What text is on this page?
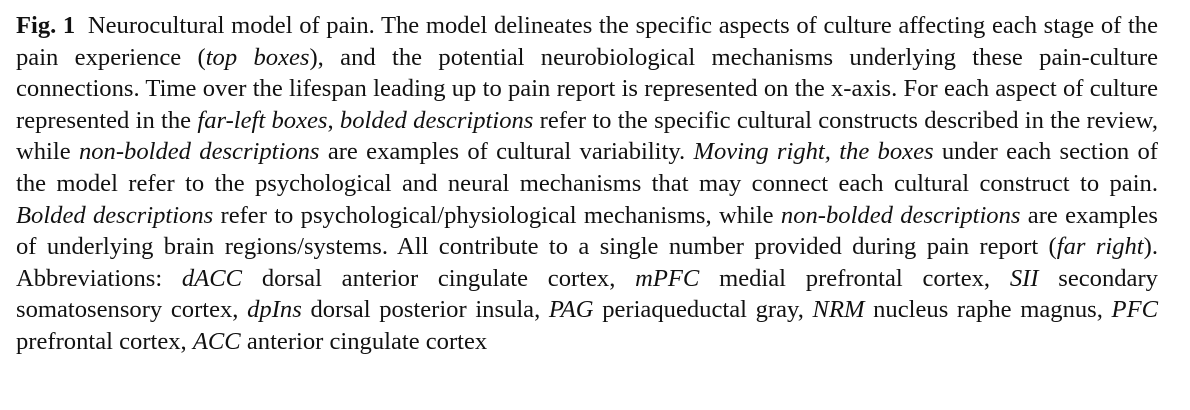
Fig. 1 Neurocultural model of pain. The model delineates the specific aspects of culture affecting each stage of the pain experience (top boxes), and the potential neurobiological mechanisms underlying these pain-culture connections. Time over the lifespan leading up to pain report is represented on the x-axis. For each aspect of culture represented in the far-left boxes, bolded descriptions refer to the specific cultural constructs described in the review, while non-bolded descriptions are examples of cultural variability. Moving right, the boxes under each section of the model refer to the psychological and neural mechanisms that may connect each cultural construct to pain. Bolded descriptions refer to psychological/physiological mechanisms, while non-bolded descriptions are examples of underlying brain regions/systems. All contribute to a single number provided during pain report (far right). Abbreviations: dACC dorsal anterior cingulate cortex, mPFC medial prefrontal cortex, SII secondary somatosensory cortex, dpIns dorsal posterior insula, PAG periaqueductal gray, NRM nucleus raphe magnus, PFC prefrontal cortex, ACC anterior cingulate cortex
